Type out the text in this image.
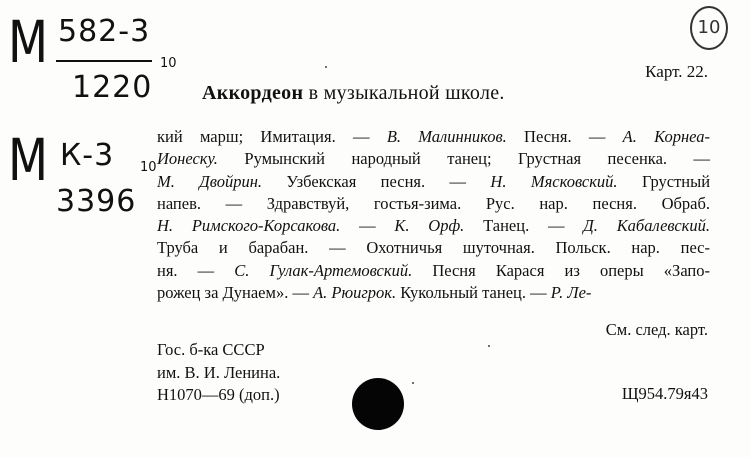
М 582-3
1220
10
М К-3
3396
10
10
Карт. 22.
Аккордеон в музыкальной школе.
кий марш; Имитация. — В. Малинников. Песня. — А. Корнеа-
Ионеску. Румынский народный танец; Грустная песенка. —
М. Двойрин. Узбекская песня. — Н. Мясковский. Грустный
напев. — Здравствуй, гостья-зима. Рус. нар. песня. Обраб.
Н. Римского-Корсакова. — К. Орф. Танец. — Д. Кабалевский.
Труба и барабан. — Охотничья шуточная. Польск. нар. пес-
ня. — С. Гулак-Артемовский. Песня Карася из оперы «Запо-
рожец за Дунаем». — А. Рюигрок. Кукольный танец. — Р. Ле-
См. след. карт.
Гос. б-ка СССР
им. В. И. Ленина.
Н1070—69 (доп.)	Щ954.79я43
